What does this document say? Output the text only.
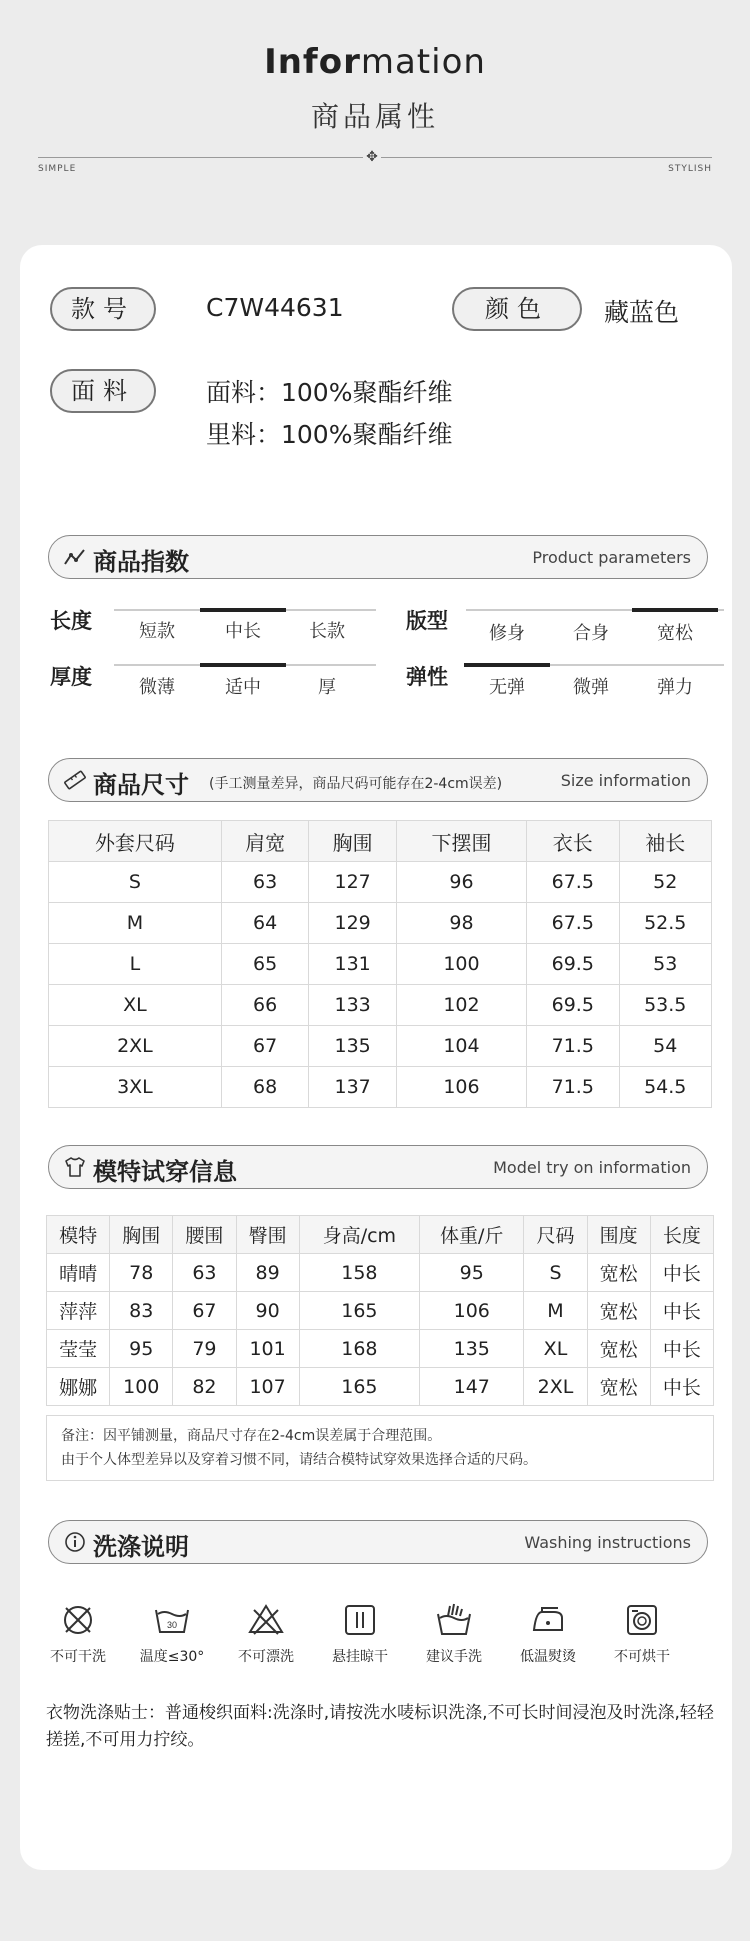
Information
商品属性
✥
SIMPLE	STYLISH
款号	C7W44631	颜色	藏蓝色
面料	面料：100%聚酯纤维
里料：100%聚酯纤维
商品指数	Product parameters
长度	短款	中长	长款	版型
修身	合身	宽松
厚度	微薄	适中	厚	弹性	无弹	微弹	弹力
商品尺寸 (手工测量差异，商品尺码可能存在2-4cm误差)	Size information
外套尺码	肩宽	胸围	下摆围	衣长	袖长
S	63	127	96	67.5	52
M	64	129	98	67.5	52.5
L	65	131	100	69.5	53
XL	66	133	102	69.5	53.5
2XL	67	135	104	71.5	54
3XL	68	137	106	71.5	54.5
模特试穿信息	Model try on information
模特	胸围	腰围	臀围	身高/cm	体重/斤	尺码	围度	长度
晴晴	78	63	89	158	95	S	宽松	中长
萍萍	83	67	90	165	106	M	宽松	中长
莹莹	95	79	101	168	135	XL	宽松	中长
娜娜	100	82	107	165	147	2XL	宽松	中长
备注：因平铺测量，商品尺寸存在2-4cm误差属于合理范围。
由于个人体型差异以及穿着习惯不同，请结合模特试穿效果选择合适的尺码。
洗涤说明	Washing instructions
不可干洗
30
温度≤30°	不可漂洗	悬挂晾干	建议手洗	低温熨烫	不可烘干
衣物洗涤贴士：普通梭织面料:洗涤时,请按洗水唛标识洗涤,不可长时间浸泡及时洗涤,轻轻搓搓,不可用力拧绞。
